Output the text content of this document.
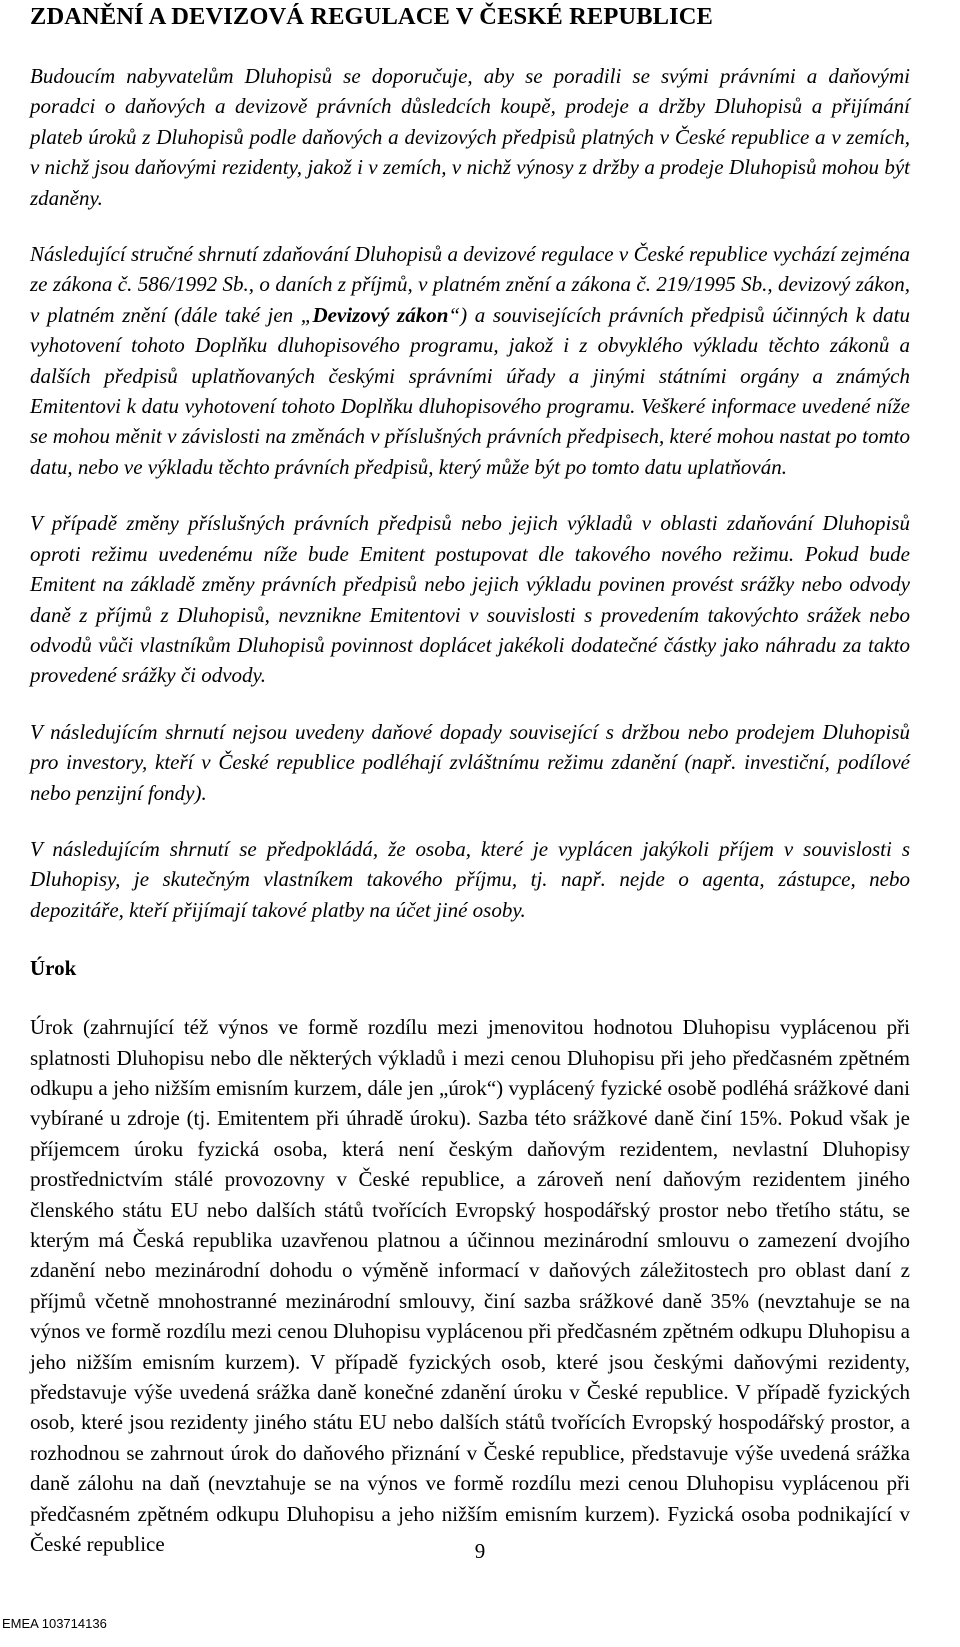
ZDANĚNÍ A DEVIZOVÁ REGULACE V ČESKÉ REPUBLICE

Budoucím nabyvatelům Dluhopisů se doporučuje, aby se poradili se svými právními a daňovými poradci o daňových a devizově právních důsledcích koupě, prodeje a držby Dluhopisů a přijímání plateb úroků z Dluhopisů podle daňových a devizových předpisů platných v České republice a v zemích, v nichž jsou daňovými rezidenty, jakož i v zemích, v nichž výnosy z držby a prodeje Dluhopisů mohou být zdaněny.

Následující stručné shrnutí zdaňování Dluhopisů a devizové regulace v České republice vychází zejména ze zákona č. 586/1992 Sb., o daních z příjmů, v platném znění a zákona č. 219/1995 Sb., devizový zákon, v platném znění (dále také jen „Devizový zákon“) a souvisejících právních předpisů účinných k datu vyhotovení tohoto Doplňku dluhopisového programu, jakož i z obvyklého výkladu těchto zákonů a dalších předpisů uplatňovaných českými správními úřady a jinými státními orgány a známých Emitentovi k datu vyhotovení tohoto Doplňku dluhopisového programu. Veškeré informace uvedené níže se mohou měnit v závislosti na změnách v příslušných právních předpisech, které mohou nastat po tomto datu, nebo ve výkladu těchto právních předpisů, který může být po tomto datu uplatňován.

V případě změny příslušných právních předpisů nebo jejich výkladů v oblasti zdaňování Dluhopisů oproti režimu uvedenému níže bude Emitent postupovat dle takového nového režimu. Pokud bude Emitent na základě změny právních předpisů nebo jejich výkladu povinen provést srážky nebo odvody daně z příjmů z Dluhopisů, nevznikne Emitentovi v souvislosti s provedením takovýchto srážek nebo odvodů vůči vlastníkům Dluhopisů povinnost doplácet jakékoli dodatečné částky jako náhradu za takto provedené srážky či odvody.

V následujícím shrnutí nejsou uvedeny daňové dopady související s držbou nebo prodejem Dluhopisů pro investory, kteří v České republice podléhají zvláštnímu režimu zdanění (např. investiční, podílové nebo penzijní fondy).

V následujícím shrnutí se předpokládá, že osoba, které je vyplácen jakýkoli příjem v souvislosti s Dluhopisy, je skutečným vlastníkem takového příjmu, tj. např. nejde o agenta, zástupce, nebo depozitáře, kteří přijímají takové platby na účet jiné osoby.

Úrok

Úrok (zahrnující též výnos ve formě rozdílu mezi jmenovitou hodnotou Dluhopisu vyplácenou při splatnosti Dluhopisu nebo dle některých výkladů i mezi cenou Dluhopisu při jeho předčasném zpětném odkupu a jeho nižším emisním kurzem, dále jen „úrok“) vyplácený fyzické osobě podléhá srážkové dani vybírané u zdroje (tj. Emitentem při úhradě úroku). Sazba této srážkové daně činí 15%. Pokud však je příjemcem úroku fyzická osoba, která není českým daňovým rezidentem, nevlastní Dluhopisy prostřednictvím stálé provozovny v České republice, a zároveň není daňovým rezidentem jiného členského státu EU nebo dalších států tvořících Evropský hospodářský prostor nebo třetího státu, se kterým má Česká republika uzavřenou platnou a účinnou mezinárodní smlouvu o zamezení dvojího zdanění nebo mezinárodní dohodu o výměně informací v daňových záležitostech pro oblast daní z příjmů včetně mnohostranné mezinárodní smlouvy, činí sazba srážkové daně 35% (nevztahuje se na výnos ve formě rozdílu mezi cenou Dluhopisu vyplácenou při předčasném zpětném odkupu Dluhopisu a jeho nižším emisním kurzem). V případě fyzických osob, které jsou českými daňovými rezidenty, představuje výše uvedená srážka daně konečné zdanění úroku v České republice. V případě fyzických osob, které jsou rezidenty jiného státu EU nebo dalších států tvořících Evropský hospodářský prostor, a rozhodnou se zahrnout úrok do daňového přiznání v České republice, představuje výše uvedená srážka daně zálohu na daň (nevztahuje se na výnos ve formě rozdílu mezi cenou Dluhopisu vyplácenou při předčasném zpětném odkupu Dluhopisu a jeho nižším emisním kurzem). Fyzická osoba podnikající v České republice	9
EMEA 103714136
